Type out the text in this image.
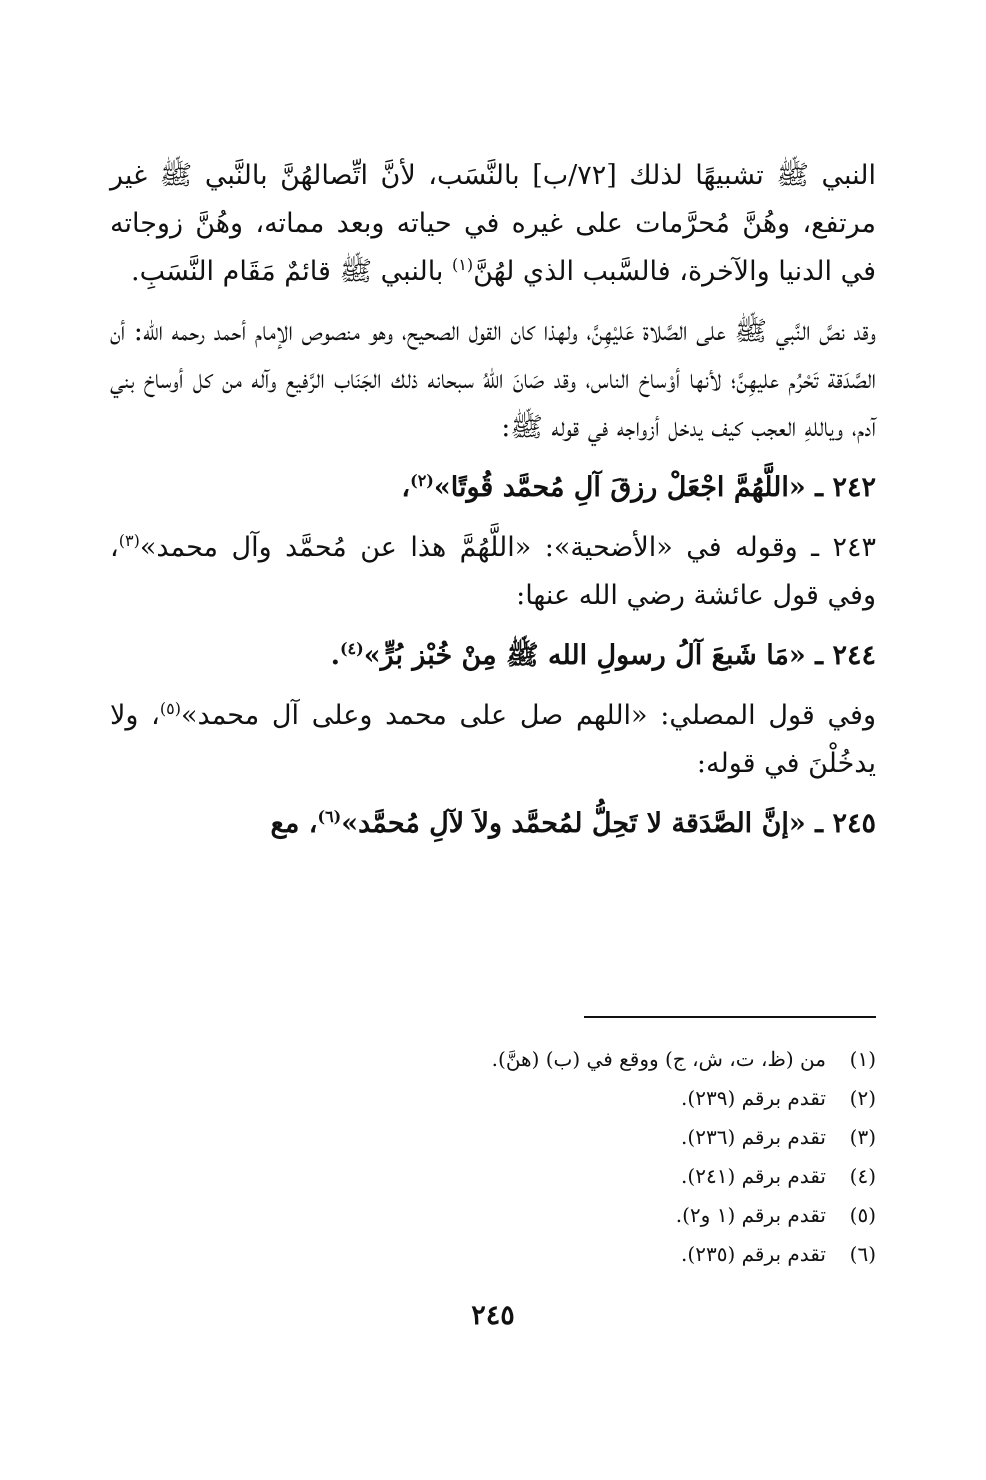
النبي ﷺ تشبيهًا لذلك [٧٢/ب] بالنَّسَب، لأنَّ اتِّصالهُنَّ بالنَّبي ﷺ غير مرتفع، وهُنَّ مُحرَّمات على غيره في حياته وبعد مماته، وهُنَّ زوجاته في الدنيا والآخرة، فالسَّبب الذي لهُنَّ$^{(١)}$ بالنبي ﷺ قائمٌ مَقَام النَّسَبِ.

وقد نصَّ النَّبي ﷺ على الصَّلاة عَليْهِنَّ، ولهذا كان القول الصحيح، وهو منصوص الإمام أحمد رحمه الله: أن الصَّدَقة تَحْرُم عليهِنَّ؛ لأنها أوْساخ الناس، وقد صَانَ اللهُ سبحانه ذلك الجَنَاب الرَّفيع وآله من كل أوساخ بني آدم، وياللهِ العجب كيف يدخل أزواجه في قوله ﷺ:

٢٤٢ ـ «اللَّهُمَّ اجْعَلْ رزقَ آلِ مُحمَّد قُوتًا»$^{(٢)}$،

٢٤٣ ـ وقوله في «الأضحية»: «اللَّهُمَّ هذا عن مُحمَّد وآل محمد»$^{(٣)}$، وفي قول عائشة رضي الله عنها:

٢٤٤ ـ «مَا شَبعَ آلُ رسولِ الله ﷺ مِنْ خُبْز بُرٍّ»$^{(٤)}$.

وفي قول المصلي: «اللهم صل على محمد وعلى آل محمد»$^{(٥)}$، ولا يدخُلْنَ في قوله:

٢٤٥ ـ «إنَّ الصَّدَقة لا تَحِلُّ لمُحمَّد ولاَ لآلِ مُحمَّد»$^{(٦)}$، مع

(١)
من (ظ، ت، ش، ج) ووقع في (ب) (هنَّ).
(٢)
تقدم برقم (٢٣٩).
(٣)
تقدم برقم (٢٣٦).
(٤)
تقدم برقم (٢٤١).
(٥)
تقدم برقم (١ و٢).
(٦)
تقدم برقم (٢٣٥).
٢٤٥
